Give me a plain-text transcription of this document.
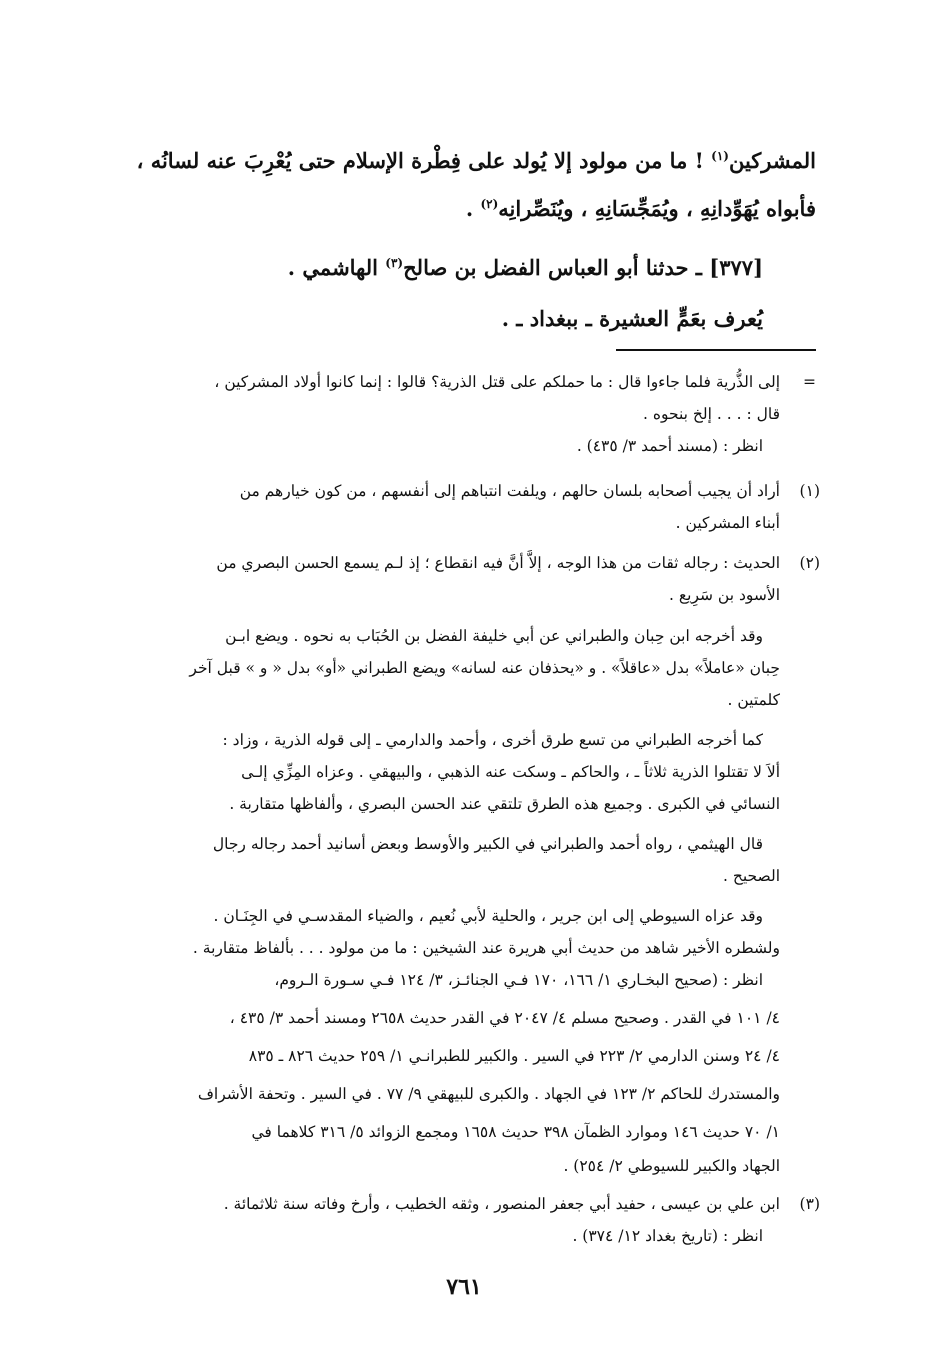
المشركين$^{(١)}$ ! ما من مولود إلا يُولد على فِطْرة الإسلام حتى يُعْرِبَ عنه لسانُه ،
فأبواه يُهَوِّدانِهِ ، ويُمَجِّسَانِهِ ، ويُنَصِّرانِه$^{(٢)}$ .
[٣٧٧] ـ حدثنا أبو العباس الفضل بن صالح$^{(٣)}$ الهاشمي .
يُعرف بعَمٍّ العشيرة ـ ببغداد ـ .
=
إلى الذُّرية فلما جاءوا قال : ما حملكم على قتل الذرية؟ قالوا : إنما كانوا أولاد المشركين ،
قال : . . . إلخ بنحوه .
انظر : (مسند أحمد ٣/ ٤٣٥) .
(١)
أراد أن يجيب أصحابه بلسان حالهم ، ويلفت انتباهم إلى أنفسهم ، من كون خيارهم من
أبناء المشركين .
(٢)
الحديث : رجاله ثقات من هذا الوجه ، إلاَّ أنَّ فيه انقطاع ؛ إذ لـم يسمع الحسن البصري من
الأسود بن سَرِيع .
وقد أخرجه ابن حِبان والطبراني عن أبي خليفة الفضل بن الحُبَاب به نحوه . ويضع ابـن
حِبان «عاملاً» بدل «عاقلاً» . و «يحذفان عنه لسانه» ويضع الطبراني «أو» بدل « و » قبل آخر
كلمتين .
كما أخرجه الطبراني من تسع طرق أخرى ، وأحمد والدارمي ـ إلى قوله الذرية ، وزاد :
ألاَ لا تقتلوا الذرية ثلاثاً ـ ، والحاكم ـ وسكت عنه الذهبي ، والبيهقي . وعزاه المِزِّي إلـى
النسائي في الكبرى . وجميع هذه الطرق تلتقي عند الحسن البصري ، وألفاظها متقاربة .
قال الهيثمي ، رواه أحمد والطبراني في الكبير والأوسط وبعض أسانيد أحمد رجاله رجال
الصحيح .
وقد عزاه السيوطي إلى ابن جرير ، والحلية لأبي نُعيم ، والضياء المقدسـي في الجِنَـان .
ولشطره الأخير شاهد من حديث أبي هريرة عند الشيخين : ما من مولود . . . بألفاظ متقاربة .
انظر : (صحيح البخـاري ١/ ١٦٦، ١٧٠ فـي الجنائـز، ٣/ ١٢٤ فـي سـورة الـروم،
٤/ ١٠١ في القدر . وصحيح مسلم ٤/ ٢٠٤٧ في القدر حديث ٢٦٥٨ ومسند أحمد ٣/ ٤٣٥ ،
٤/ ٢٤ وسنن الدارمي ٢/ ٢٢٣ في السير . والكبير للطبرانـي ١/ ٢٥٩ حديث ٨٢٦ ـ ٨٣٥
والمستدرك للحاكم ٢/ ١٢٣ في الجهاد . والكبرى للبيهقي ٩/ ٧٧ . في السير . وتحفة الأشراف
١/ ٧٠ حديث ١٤٦ وموارد الظمآن ٣٩٨ حديث ١٦٥٨ ومجمع الزوائد ٥/ ٣١٦ كلاهما في
الجهاد والكبير للسيوطي ٢/ ٢٥٤) .
(٣)
ابن علي بن عيسى ، حفيد أبي جعفر المنصور ، وثقه الخطيب ، وأرخ وفاته سنة ثلاثمائة .
انظر : (تاريخ بغداد ١٢/ ٣٧٤) .
٧٦١
